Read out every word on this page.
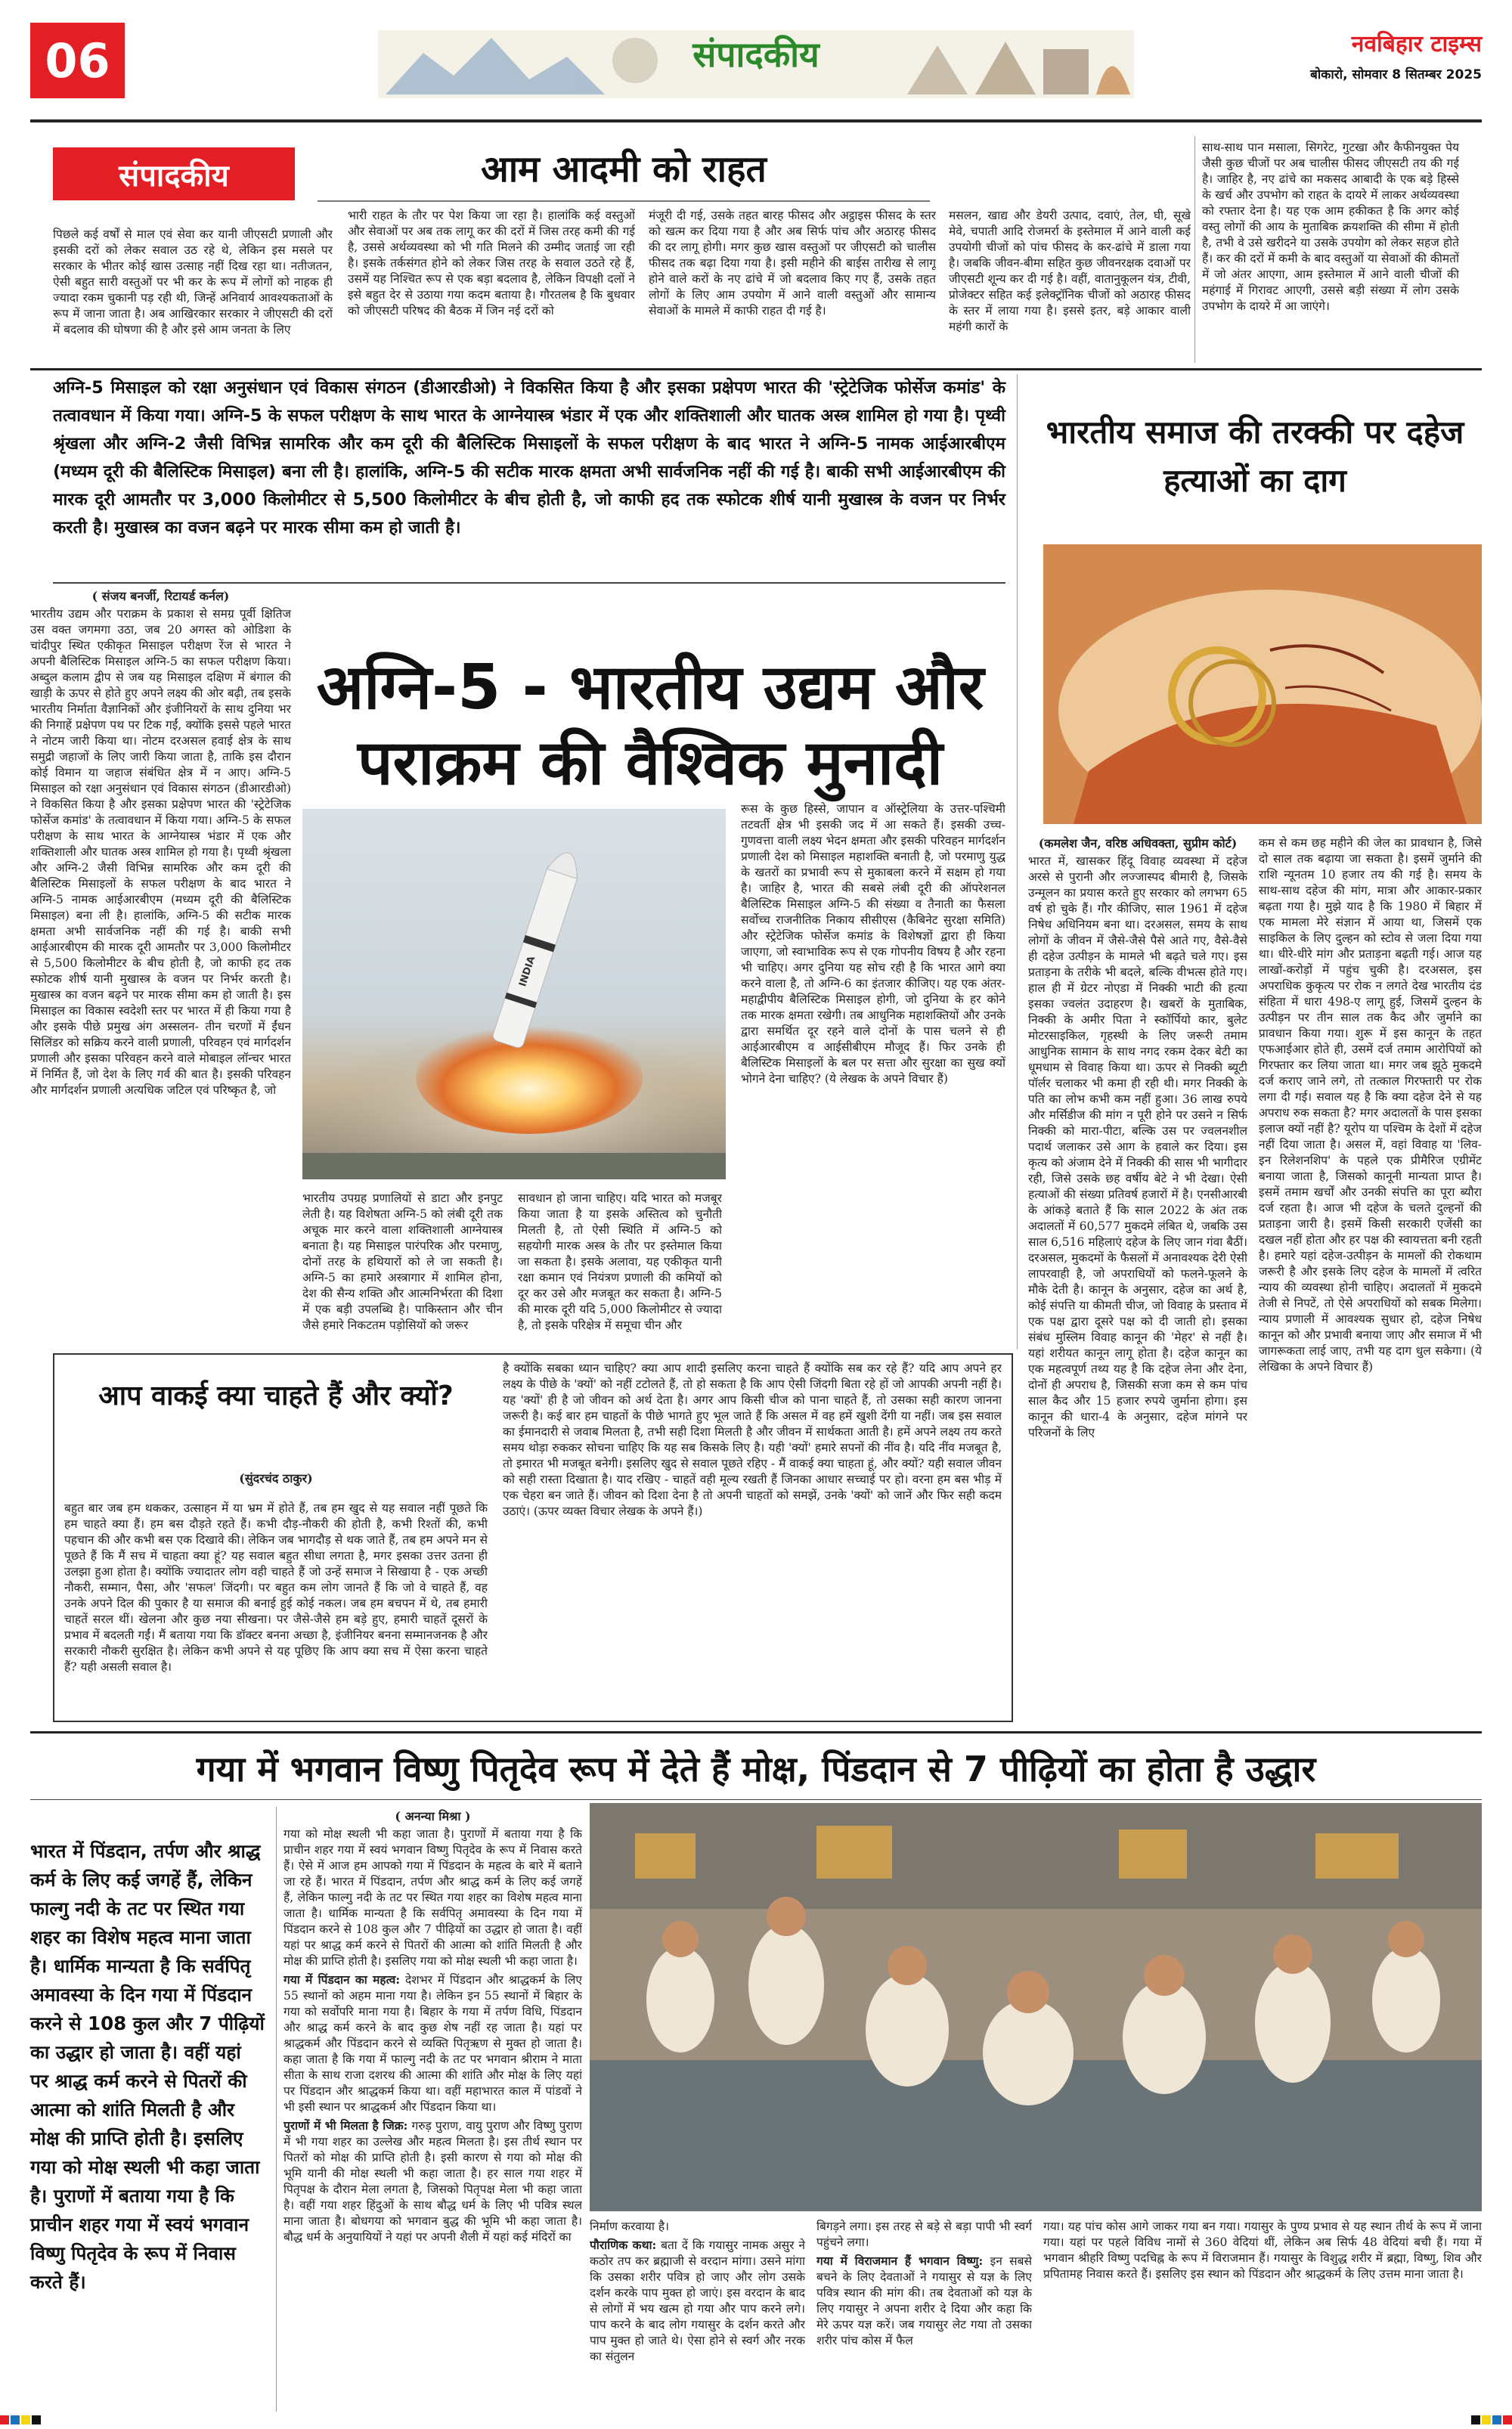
06	संपादकीय	नवबिहार टाइम्स
बोकारो, सोमवार 8 सितम्बर 2025
संपादकीय	आम आदमी को राहत
पिछले कई वर्षों से माल एवं सेवा कर यानी जीएसटी प्रणाली और इसकी दरों को लेकर सवाल उठ रहे थे, लेकिन इस मसले पर सरकार के भीतर कोई खास उत्साह नहीं दिख रहा था। नतीजतन, ऐसी बहुत सारी वस्तुओं पर भी कर के रूप में लोगों को नाहक ही ज्यादा रकम चुकानी पड़ रही थी, जिन्हें अनिवार्य आवश्यकताओं के रूप में जाना जाता है। अब आखिरकार सरकार ने जीएसटी की दरों में बदलाव की घोषणा की है और इसे आम जनता के लिए
भारी राहत के तौर पर पेश किया जा रहा है। हालांकि कई वस्तुओं और सेवाओं पर अब तक लागू कर की दरों में जिस तरह कमी की गई है, उससे अर्थव्यवस्था को भी गति मिलने की उम्मीद जताई जा रही है। इसके तर्कसंगत होने को लेकर जिस तरह के सवाल उठते रहे हैं, उसमें यह निश्चित रूप से एक बड़ा बदलाव है, लेकिन विपक्षी दलों ने इसे बहुत देर से उठाया गया कदम बताया है। गौरतलब है कि बुधवार को जीएसटी परिषद की बैठक में जिन नई दरों को
मंजूरी दी गई, उसके तहत बारह फीसद और अट्ठाइस फीसद के स्तर को खत्म कर दिया गया है और अब सिर्फ पांच और अठारह फीसद की दर लागू होगी। मगर कुछ खास वस्तुओं पर जीएसटी को चालीस फीसद तक बढ़ा दिया गया है। इसी महीने की बाईस तारीख से लागू होने वाले करों के नए ढांचे में जो बदलाव किए गए हैं, उसके तहत लोगों के लिए आम उपयोग में आने वाली वस्तुओं और सामान्य सेवाओं के मामले में काफी राहत दी गई है।
मसलन, खाद्य और डेयरी उत्पाद, दवाएं, तेल, घी, सूखे मेवे, चपाती आदि रोजमर्रा के इस्तेमाल में आने वाली कई उपयोगी चीजों को पांच फीसद के कर-ढांचे में डाला गया है। जबकि जीवन-बीमा सहित कुछ जीवनरक्षक दवाओं पर जीएसटी शून्य कर दी गई है। वहीं, वातानुकूलन यंत्र, टीवी, प्रोजेक्टर सहित कई इलेक्ट्रॉनिक चीजों को अठारह फीसद के स्तर में लाया गया है। इससे इतर, बड़े आकार वाली महंगी कारों के
साथ-साथ पान मसाला, सिगरेट, गुटखा और कैफीनयुक्त पेय जैसी कुछ चीजों पर अब चालीस फीसद जीएसटी तय की गई है। जाहिर है, नए ढांचे का मकसद आबादी के एक बड़े हिस्से के खर्च और उपभोग को राहत के दायरे में लाकर अर्थव्यवस्था को रफ्तार देना है। यह एक आम हकीकत है कि अगर कोई वस्तु लोगों की आय के मुताबिक क्रयशक्ति की सीमा में होती है, तभी वे उसे खरीदने या उसके उपयोग को लेकर सहज होते हैं। कर की दरों में कमी के बाद वस्तुओं या सेवाओं की कीमतों में जो अंतर आएगा, आम इस्तेमाल में आने वाली चीजों की महंगाई में गिरावट आएगी, उससे बड़ी संख्या में लोग उसके उपभोग के दायरे में आ जाएंगे।
अग्नि-5 मिसाइल को रक्षा अनुसंधान एवं विकास संगठन (डीआरडीओ) ने विकसित किया है और इसका प्रक्षेपण भारत की 'स्ट्रेटेजिक फोर्सेज कमांड' के तत्वावधान में किया गया। अग्नि-5 के सफल परीक्षण के साथ भारत के आग्नेयास्त्र भंडार में एक और शक्तिशाली और घातक अस्त्र शामिल हो गया है। पृथ्वी श्रृंखला और अग्नि-2 जैसी विभिन्न सामरिक और कम दूरी की बैलिस्टिक मिसाइलों के सफल परीक्षण के बाद भारत ने अग्नि-5 नामक आईआरबीएम (मध्यम दूरी की बैलिस्टिक मिसाइल) बना ली है। हालांकि, अग्नि-5 की सटीक मारक क्षमता अभी सार्वजनिक नहीं की गई है। बाकी सभी आईआरबीएम की मारक दूरी आमतौर पर 3,000 किलोमीटर से 5,500 किलोमीटर के बीच होती है, जो काफी हद तक स्फोटक शीर्ष यानी मुखास्त्र के वजन पर निर्भर करती है। मुखास्त्र का वजन बढ़ने पर मारक सीमा कम हो जाती है।

( संजय बनर्जी, रिटायर्ड कर्नल)

भारतीय उद्यम और पराक्रम के प्रकाश से समग्र पूर्वी क्षितिज उस वक्त जगमगा उठा, जब 20 अगस्त को ओडिशा के चांदीपुर स्थित एकीकृत मिसाइल परीक्षण रेंज से भारत ने अपनी बैलिस्टिक मिसाइल अग्नि-5 का सफल परीक्षण किया। अब्दुल कलाम द्वीप से जब यह मिसाइल दक्षिण में बंगाल की खाड़ी के ऊपर से होते हुए अपने लक्ष्य की ओर बढ़ी, तब इसके भारतीय निर्माता वैज्ञानिकों और इंजीनियरों के साथ दुनिया भर की निगाहें प्रक्षेपण पथ पर टिक गईं, क्योंकि इससे पहले भारत ने नोटम जारी किया था। नोटम दरअसल हवाई क्षेत्र के साथ समुद्री जहाजों के लिए जारी किया जाता है, ताकि इस दौरान कोई विमान या जहाज संबंधित क्षेत्र में न आए। अग्नि-5 मिसाइल को रक्षा अनुसंधान एवं विकास संगठन (डीआरडीओ) ने विकसित किया है और इसका प्रक्षेपण भारत की 'स्ट्रेटेजिक फोर्सेज कमांड' के तत्वावधान में किया गया। अग्नि-5 के सफल परीक्षण के साथ भारत के आग्नेयास्त्र भंडार में एक और शक्तिशाली और घातक अस्त्र शामिल हो गया है। पृथ्वी श्रृंखला और अग्नि-2 जैसी विभिन्न सामरिक और कम दूरी की बैलिस्टिक मिसाइलों के सफल परीक्षण के बाद भारत ने अग्नि-5 नामक आईआरबीएम (मध्यम दूरी की बैलिस्टिक मिसाइल) बना ली है। हालांकि, अग्नि-5 की सटीक मारक क्षमता अभी सार्वजनिक नहीं की गई है। बाकी सभी आईआरबीएम की मारक दूरी आमतौर पर 3,000 किलोमीटर से 5,500 किलोमीटर के बीच होती है, जो काफी हद तक स्फोटक शीर्ष यानी मुखास्त्र के वजन पर निर्भर करती है। मुखास्त्र का वजन बढ़ने पर मारक सीमा कम हो जाती है। इस मिसाइल का विकास स्वदेशी स्तर पर भारत में ही किया गया है और इसके पीछे प्रमुख अंग अस्सलन- तीन चरणों में ईंधन सिलिंडर को सक्रिय करने वाली प्रणाली, परिवहन एवं मार्गदर्शन प्रणाली और इसका परिवहन करने वाले मोबाइल लॉन्चर भारत में निर्मित हैं, जो देश के लिए गर्व की बात है। इसकी परिवहन और मार्गदर्शन प्रणाली अत्यधिक जटिल एवं परिष्कृत है, जो

अग्नि-5 - भारतीय उद्यम और पराक्रम की वैश्विक मुनादी
INDIA
भारतीय उपग्रह प्रणालियों से डाटा और इनपुट लेती है। यह विशेषता अग्नि-5 को लंबी दूरी तक अचूक मार करने वाला शक्तिशाली आग्नेयास्त्र बनाता है। यह मिसाइल पारंपरिक और परमाणु, दोनों तरह के हथियारों को ले जा सकती है। अग्नि-5 का हमारे अस्त्रागार में शामिल होना, देश की सैन्य शक्ति और आत्मनिर्भरता की दिशा में एक बड़ी उपलब्धि है। पाकिस्तान और चीन जैसे हमारे निकटतम पड़ोसियों को जरूर
सावधान हो जाना चाहिए। यदि भारत को मजबूर किया जाता है या इसके अस्तित्व को चुनौती मिलती है, तो ऐसी स्थिति में अग्नि-5 को सहयोगी मारक अस्त्र के तौर पर इस्तेमाल किया जा सकता है। इसके अलावा, यह एकीकृत यानी रक्षा कमान एवं नियंत्रण प्रणाली की कमियों को दूर कर उसे और मजबूत कर सकता है। अग्नि-5 की मारक दूरी यदि 5,000 किलोमीटर से ज्यादा है, तो इसके परिक्षेत्र में समूचा चीन और
रूस के कुछ हिस्से, जापान व ऑस्ट्रेलिया के उत्तर-पश्चिमी तटवर्ती क्षेत्र भी इसकी जद में आ सकते हैं। इसकी उच्च-गुणवत्ता वाली लक्ष्य भेदन क्षमता और इसकी परिवहन मार्गदर्शन प्रणाली देश को मिसाइल महाशक्ति बनाती है, जो परमाणु युद्ध के खतरों का प्रभावी रूप से मुकाबला करने में सक्षम हो गया है। जाहिर है, भारत की सबसे लंबी दूरी की ऑपरेशनल बैलिस्टिक मिसाइल अग्नि-5 की संख्या व तैनाती का फैसला सर्वोच्च राजनीतिक निकाय सीसीएस (कैबिनेट सुरक्षा समिति) और स्ट्रेटेजिक फोर्सेज कमांड के विशेषज्ञों द्वारा ही किया जाएगा, जो स्वाभाविक रूप से एक गोपनीय विषय है और रहना भी चाहिए। अगर दुनिया यह सोच रही है कि भारत आगे क्या करने वाला है, तो अग्नि-6 का इंतजार कीजिए। यह एक अंतर-महाद्वीपीय बैलिस्टिक मिसाइल होगी, जो दुनिया के हर कोने तक मारक क्षमता रखेगी। तब आधुनिक महाशक्तियों और उनके द्वारा समर्थित दूर रहने वाले दोनों के पास चलने से ही आईआरबीएम व आईसीबीएम मौजूद हैं। फिर उनके ही बैलिस्टिक मिसाइलों के बल पर सत्ता और सुरक्षा का सुख क्यों भोगने देना चाहिए? (ये लेखक के अपने विचार हैं)
भारतीय समाज की तरक्की पर दहेज हत्याओं का दाग

(कमलेश जैन, वरिष्ठ अधिवक्ता, सुप्रीम कोर्ट)

भारत में, खासकर हिंदू विवाह व्यवस्था में दहेज अरसे से पुरानी और लज्जास्पद बीमारी है, जिसके उन्मूलन का प्रयास करते हुए सरकार को लगभग 65 वर्ष हो चुके हैं। गौर कीजिए, साल 1961 में दहेज निषेध अधिनियम बना था। दरअसल, समय के साथ लोगों के जीवन में जैसे-जैसे पैसे आते गए, वैसे-वैसे ही दहेज उत्पीड़न के मामले भी बढ़ते चले गए। इस प्रताड़ना के तरीके भी बदले, बल्कि वीभत्स होते गए। हाल ही में ग्रेटर नोएडा में निक्की भाटी की हत्या इसका ज्वलंत उदाहरण है। खबरों के मुताबिक, निक्की के अमीर पिता ने स्कॉर्पियो कार, बुलेट मोटरसाइकिल, गृहस्थी के लिए जरूरी तमाम आधुनिक सामान के साथ नगद रकम देकर बेटी का धूमधाम से विवाह किया था। ऊपर से निक्की ब्यूटी पॉर्लर चलाकर भी कमा ही रही थी। मगर निक्की के पति का लोभ कभी कम नहीं हुआ। 36 लाख रुपये और मर्सिडीज की मांग न पूरी होने पर उसने न सिर्फ निक्की को मारा-पीटा, बल्कि उस पर ज्वलनशील पदार्थ जलाकर उसे आग के हवाले कर दिया। इस कृत्य को अंजाम देने में निक्की की सास भी भागीदार रही, जिसे उसके छह वर्षीय बेटे ने भी देखा। ऐसी हत्याओं की संख्या प्रतिवर्ष हजारों में है। एनसीआरबी के आंकड़े बताते हैं कि साल 2022 के अंत तक अदालतों में 60,577 मुकदमे लंबित थे, जबकि उस साल 6,516 महिलाएं दहेज के लिए जान गंवा बैठीं। दरअसल, मुकदमों के फैसलों में अनावश्यक देरी ऐसी लापरवाही है, जो अपराधियों को फलने-फूलने के मौके देती है। कानून के अनुसार, दहेज का अर्थ है, कोई संपत्ति या कीमती चीज, जो विवाह के प्रस्ताव में एक पक्ष द्वारा दूसरे पक्ष को दी जाती हो। इसका संबंध मुस्लिम विवाह कानून की 'मेहर' से नहीं है। यहां शरीयत कानून लागू होता है। दहेज कानून का एक महत्वपूर्ण तथ्य यह है कि दहेज लेना और देना, दोनों ही अपराध है, जिसकी सजा कम से कम पांच साल कैद और 15 हजार रुपये जुर्माना होगा। इस कानून की धारा-4 के अनुसार, दहेज मांगने पर परिजनों के लिए

कम से कम छह महीने की जेल का प्रावधान है, जिसे दो साल तक बढ़ाया जा सकता है। इसमें जुर्माने की राशि न्यूनतम 10 हजार तय की गई है। समय के साथ-साथ दहेज की मांग, मात्रा और आकार-प्रकार बढ़ता गया है। मुझे याद है कि 1980 में बिहार में एक मामला मेरे संज्ञान में आया था, जिसमें एक साइकिल के लिए दुल्हन को स्टोव से जला दिया गया था। धीरे-धीरे मांग और प्रताड़ना बढ़ती गई। आज यह लाखों-करोड़ों में पहुंच चुकी है। दरअसल, इस अपराधिक कुकृत्य पर रोक न लगते देख भारतीय दंड संहिता में धारा 498-ए लागू हुई, जिसमें दुल्हन के उत्पीड़न पर तीन साल तक कैद और जुर्माने का प्रावधान किया गया। शुरू में इस कानून के तहत एफआईआर होते ही, उसमें दर्ज तमाम आरोपियों को गिरफ्तार कर लिया जाता था। मगर जब झूठे मुकदमे दर्ज कराए जाने लगे, तो तत्काल गिरफ्तारी पर रोक लगा दी गई। सवाल यह है कि क्या दहेज देने से यह अपराध रुक सकता है? मगर अदालतों के पास इसका इलाज क्यों नहीं है? यूरोप या पश्चिम के देशों में दहेज नहीं दिया जाता है। असल में, वहां विवाह या 'लिव-इन रिलेशनशिप' के पहले एक प्रीमैरिज एग्रीमेंट बनाया जाता है, जिसको कानूनी मान्यता प्राप्त है। इसमें तमाम खर्चों और उनकी संपत्ति का पूरा ब्यौरा दर्ज रहता है। आज भी दहेज के चलते दुल्हनों की प्रताड़ना जारी है। इसमें किसी सरकारी एजेंसी का दखल नहीं होता और हर पक्ष की स्वायत्तता बनी रहती है। हमारे यहां दहेज-उत्पीड़न के मामलों की रोकथाम जरूरी है और इसके लिए दहेज के मामलों में त्वरित न्याय की व्यवस्था होनी चाहिए। अदालतों में मुकदमे तेजी से निपटें, तो ऐसे अपराधियों को सबक मिलेगा। न्याय प्रणाली में आवश्यक सुधार हो, दहेज निषेध कानून को और प्रभावी बनाया जाए और समाज में भी जागरूकता लाई जाए, तभी यह दाग धुल सकेगा। (ये लेखिका के अपने विचार हैं)
आप वाकई क्या चाहते हैं और क्यों?

(सुंदरचंद ठाकुर)

बहुत बार जब हम थककर, उत्साहन में या भ्रम में होते हैं, तब हम खुद से यह सवाल नहीं पूछते कि हम चाहते क्या हैं। हम बस दौड़ते रहते हैं। कभी दौड़-नौकरी की होती है, कभी रिश्तों की, कभी पहचान की और कभी बस एक दिखावे की। लेकिन जब भागदौड़ से थक जाते हैं, तब हम अपने मन से पूछते हैं कि मैं सच में चाहता क्या हूं? यह सवाल बहुत सीधा लगता है, मगर इसका उत्तर उतना ही उलझा हुआ होता है। क्योंकि ज्यादातर लोग वही चाहते हैं जो उन्हें समाज ने सिखाया है - एक अच्छी नौकरी, सम्मान, पैसा, और 'सफल' जिंदगी। पर बहुत कम लोग जानते हैं कि जो वे चाहते हैं, वह उनके अपने दिल की पुकार है या समाज की बनाई हुई कोई नकल। जब हम बचपन में थे, तब हमारी चाहतें सरल थीं। खेलना और कुछ नया सीखना। पर जैसे-जैसे हम बड़े हुए, हमारी चाहतें दूसरों के प्रभाव में बदलती गईं। मैं बताया गया कि डॉक्टर बनना अच्छा है, इंजीनियर बनना सम्मानजनक है और सरकारी नौकरी सुरक्षित है। लेकिन कभी अपने से यह पूछिए कि आप क्या सच में ऐसा करना चाहते हैं? यही असली सवाल है।
है क्योंकि सबका ध्यान चाहिए? क्या आप शादी इसलिए करना चाहते हैं क्योंकि सब कर रहे हैं? यदि आप अपने हर लक्ष्य के पीछे के 'क्यों' को नहीं टटोलते हैं, तो हो सकता है कि आप ऐसी जिंदगी बिता रहे हों जो आपकी अपनी नहीं है। यह 'क्यों' ही है जो जीवन को अर्थ देता है। अगर आप किसी चीज को पाना चाहते हैं, तो उसका सही कारण जानना जरूरी है। कई बार हम चाहतों के पीछे भागते हुए भूल जाते हैं कि असल में वह हमें खुशी देंगी या नहीं। जब इस सवाल का ईमानदारी से जवाब मिलता है, तभी सही दिशा मिलती है और जीवन में सार्थकता आती है। हमें अपने लक्ष्य तय करते समय थोड़ा रुककर सोचना चाहिए कि यह सब किसके लिए है। यही 'क्यों' हमारे सपनों की नींव है। यदि नींव मजबूत है, तो इमारत भी मजबूत बनेगी। इसलिए खुद से सवाल पूछते रहिए - मैं वाकई क्या चाहता हूं, और क्यों? यही सवाल जीवन को सही रास्ता दिखाता है। याद रखिए - चाहतें वही मूल्य रखती हैं जिनका आधार सच्चाई पर हो। वरना हम बस भीड़ में एक चेहरा बन जाते हैं। जीवन को दिशा देना है तो अपनी चाहतों को समझें, उनके 'क्यों' को जानें और फिर सही कदम उठाएं। (ऊपर व्यक्त विचार लेखक के अपने हैं।)
गया में भगवान विष्णु पितृदेव रूप में देते हैं मोक्ष, पिंडदान से 7 पीढ़ियों का होता है उद्धार
भारत में पिंडदान, तर्पण और श्राद्ध कर्म के लिए कई जगहें हैं, लेकिन फाल्गु नदी के तट पर स्थित गया शहर का विशेष महत्व माना जाता है। धार्मिक मान्यता है कि सर्वपितृ अमावस्या के दिन गया में पिंडदान करने से 108 कुल और 7 पीढ़ियों का उद्धार हो जाता है। वहीं यहां पर श्राद्ध कर्म करने से पितरों की आत्मा को शांति मिलती है और मोक्ष की प्राप्ति होती है। इसलिए गया को मोक्ष स्थली भी कहा जाता है। पुराणों में बताया गया है कि प्राचीन शहर गया में स्वयं भगवान विष्णु पितृदेव के रूप में निवास करते हैं।

( अनन्या मिश्रा )

गया को मोक्ष स्थली भी कहा जाता है। पुराणों में बताया गया है कि प्राचीन शहर गया में स्वयं भगवान विष्णु पितृदेव के रूप में निवास करते हैं। ऐसे में आज हम आपको गया में पिंडदान के महत्व के बारे में बताने जा रहे हैं। भारत में पिंडदान, तर्पण और श्राद्ध कर्म के लिए कई जगहें हैं, लेकिन फाल्गु नदी के तट पर स्थित गया शहर का विशेष महत्व माना जाता है। धार्मिक मान्यता है कि सर्वपितृ अमावस्या के दिन गया में पिंडदान करने से 108 कुल और 7 पीढ़ियों का उद्धार हो जाता है। वहीं यहां पर श्राद्ध कर्म करने से पितरों की आत्मा को शांति मिलती है और मोक्ष की प्राप्ति होती है। इसलिए गया को मोक्ष स्थली भी कहा जाता है।

गया में पिंडदान का महत्व: देशभर में पिंडदान और श्राद्धकर्म के लिए 55 स्थानों को अहम माना गया है। लेकिन इन 55 स्थानों में बिहार के गया को सर्वोपरि माना गया है। बिहार के गया में तर्पण विधि, पिंडदान और श्राद्ध कर्म करने के बाद कुछ शेष नहीं रह जाता है। यहां पर श्राद्धकर्म और पिंडदान करने से व्यक्ति पितृऋण से मुक्त हो जाता है। कहा जाता है कि गया में फाल्गु नदी के तट पर भगवान श्रीराम ने माता सीता के साथ राजा दशरथ की आत्मा की शांति और मोक्ष के लिए यहां पर पिंडदान और श्राद्धकर्म किया था। वहीं महाभारत काल में पांडवों ने भी इसी स्थान पर श्राद्धकर्म और पिंडदान किया था।

पुराणों में भी मिलता है जिक्र: गरुड़ पुराण, वायु पुराण और विष्णु पुराण में भी गया शहर का उल्लेख और महत्व मिलता है। इस तीर्थ स्थान पर पितरों को मोक्ष की प्राप्ति होती है। इसी कारण से गया को मोक्ष की भूमि यानी की मोक्ष स्थली भी कहा जाता है। हर साल गया शहर में पितृपक्ष के दौरान मेला लगता है, जिसको पितृपक्ष मेला भी कहा जाता है। वहीं गया शहर हिंदुओं के साथ बौद्ध धर्म के लिए भी पवित्र स्थल माना जाता है। बोधगया को भगवान बुद्ध की भूमि भी कहा जाता है। बौद्ध धर्म के अनुयायियों ने यहां पर अपनी शैली में यहां कई मंदिरों का

निर्माण करवाया है।

पौराणिक कथा: बता दें कि गयासुर नामक असुर ने कठोर तप कर ब्रह्माजी से वरदान मांगा। उसने मांगा कि उसका शरीर पवित्र हो जाए और लोग उसके दर्शन करके पाप मुक्त हो जाएं। इस वरदान के बाद से लोगों में भय खत्म हो गया और पाप करने लगे। पाप करने के बाद लोग गयासुर के दर्शन करते और पाप मुक्त हो जाते थे। ऐसा होने से स्वर्ग और नरक का संतुलन

बिगड़ने लगा। इस तरह से बड़े से बड़ा पापी भी स्वर्ग पहुंचने लगा।

गया में विराजमान हैं भगवान विष्णु: इन सबसे बचने के लिए देवताओं ने गयासुर से यज्ञ के लिए पवित्र स्थान की मांग की। तब देवताओं को यज्ञ के लिए गयासुर ने अपना शरीर दे दिया और कहा कि मेरे ऊपर यज्ञ करें। जब गयासुर लेट गया तो उसका शरीर पांच कोस में फैल

गया। यह पांच कोस आगे जाकर गया बन गया। गयासुर के पुण्य प्रभाव से यह स्थान तीर्थ के रूप में जाना गया। यहां पर पहले विविध नामों से 360 वेदियां थीं, लेकिन अब सिर्फ 48 वेदियां बची हैं। गया में भगवान श्रीहरि विष्णु पदचिह्न के रूप में विराजमान हैं। गयासुर के विशुद्ध शरीर में ब्रह्मा, विष्णु, शिव और प्रपितामह निवास करते हैं। इसलिए इस स्थान को पिंडदान और श्राद्धकर्म के लिए उत्तम माना जाता है।
